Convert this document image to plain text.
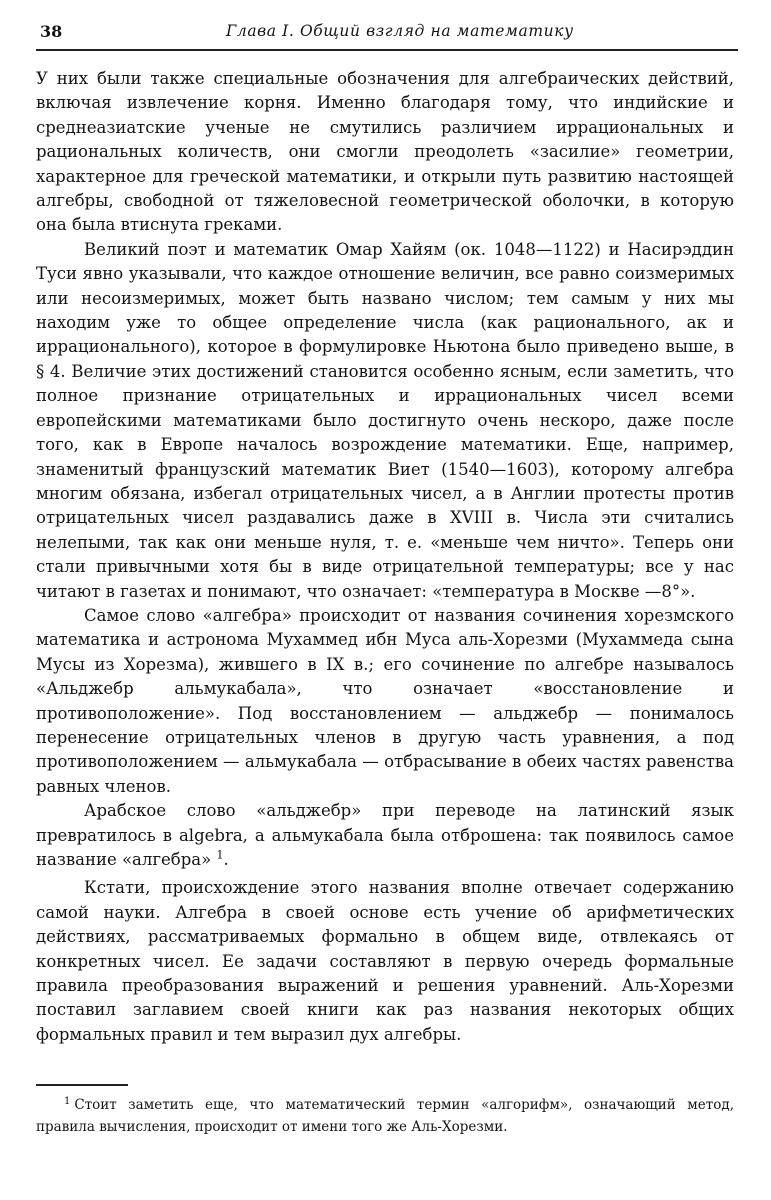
38	Глава I. Общий взгляд на математику

У них были также специальные обозначения для алгебраических действий, включая извлечение корня. Именно благодаря тому, что индийские и среднеазиатские ученые не смутились различием иррациональных и рациональных количеств, они смогли преодолеть «засилие» геометрии, характерное для греческой математики, и открыли путь развитию настоящей алгебры, свободной от тяжеловесной геометрической оболочки, в которую она была втиснута греками.

Великий поэт и математик Омар Хайям (ок. 1048—1122) и Насирэддин Туси явно указывали, что каждое отношение величин, все равно соизмеримых или несоизмеримых, может быть названо числом; тем самым у них мы находим уже то общее определение числа (как рационального, ак и иррационального), которое в формулировке Ньютона было приведено выше, в § 4. Величие этих достижений становится особенно ясным, если заметить, что полное признание отрицательных и иррациональных чисел всеми европейскими математиками было достигнуто очень нескоро, даже после того, как в Европе началось возрождение математики. Еще, например, знаменитый французский математик Виет (1540—1603), которому алгебра многим обязана, избегал отрицательных чисел, а в Англии протесты против отрицательных чисел раздавались даже в XVIII в. Числа эти считались нелепыми, так как они меньше нуля, т. е. «меньше чем ничто». Теперь они стали привычными хотя бы в виде отрицательной температуры; все у нас читают в газетах и понимают, что означает: «температура в Москве —8°».

Самое слово «алгебра» происходит от названия сочинения хорезмского математика и астронома Мухаммед ибн Муса аль-Хорезми (Мухаммеда сына Мусы из Хорезма), жившего в IX в.; его сочинение по алгебре называлось «Альджебр альмукабала», что означает «восстановление и противоположение». Под восстановлением — альджебр — понималось перенесение отрицательных членов в другую часть уравнения, а под противоположением — альмукабала — отбрасывание в обеих частях равенства равных членов.

Арабское слово «альджебр» при переводе на латинский язык превратилось в algebra, а альмукабала была отброшена: так появилось самое название «алгебра» $^1$.

Кстати, происхождение этого названия вполне отвечает содержанию самой науки. Алгебра в своей основе есть учение об арифметических действиях, рассматриваемых формально в общем виде, отвлекаясь от конкретных чисел. Ее задачи составляют в первую очередь формальные правила преобразования выражений и решения уравнений. Аль-Хорезми поставил заглавием своей книги как раз названия некоторых общих формальных правил и тем выразил дух алгебры.

$^1$ Стоит заметить еще, что математический термин «алгорифм», означающий метод, правила вычисления, происходит от имени того же Аль-Хорезми.
